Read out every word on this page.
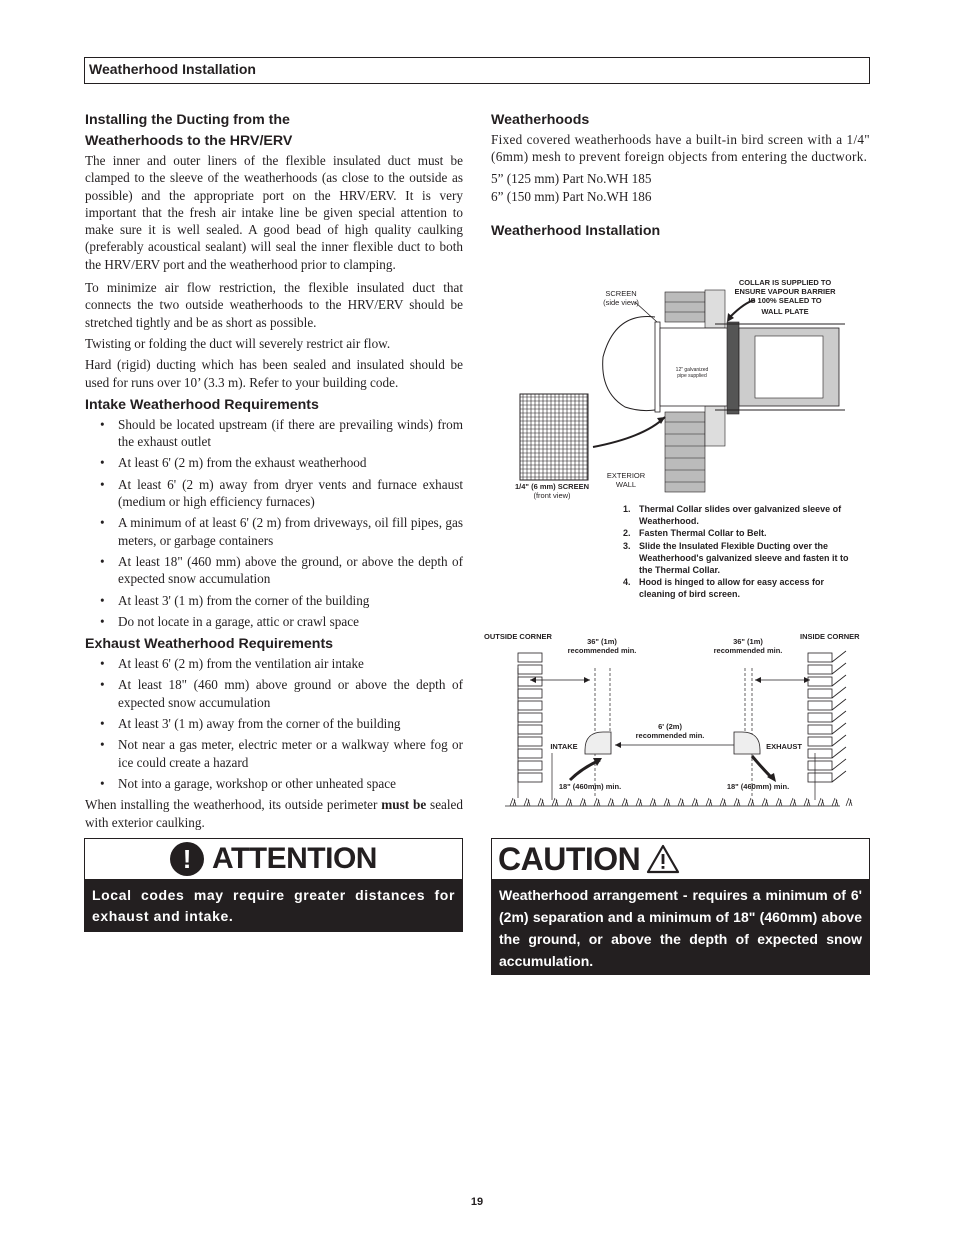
Weatherhood Installation
Installing the Ducting from the
Weatherhoods to the HRV/ERV

The inner and outer liners of the flexible insulated duct must be clamped to the sleeve of the weatherhoods (as close to the outside as possible) and the appropriate port on the HRV/ERV. It is very important that the fresh air intake line be given special attention to make sure it is well sealed. A good bead of high quality caulking (preferably acoustical sealant) will seal the inner flexible duct to both the HRV/ERV port and the weatherhood prior to clamping.

To minimize air flow restriction, the flexible insulated duct that connects the two outside weatherhoods to the HRV/ERV should be stretched tightly and be as short as possible.

Twisting or folding the duct will severely restrict air flow.

Hard (rigid) ducting which has been sealed and insulated should be used for runs over 10’ (3.3 m). Refer to your building code.

Intake Weatherhood Requirements
• Should be located upstream (if there are prevailing winds) from the exhaust outlet
• At least 6' (2 m) from the exhaust weatherhood
• At least 6' (2 m) away from dryer vents and furnace exhaust (medium or high efficiency furnaces)
• A minimum of at least 6' (2 m) from driveways, oil fill pipes, gas meters, or garbage containers
• At least 18" (460 mm) above the ground, or above the depth of expected snow accumulation
• At least 3' (1 m) from the corner of the building
• Do not locate in a garage, attic or crawl space
Exhaust Weatherhood Requirements
• At least 6' (2 m) from the ventilation air intake
• At least 18" (460 mm) above ground or above the depth of expected snow accumulation
• At least 3' (1 m) away from the corner of the building
• Not near a gas meter, electric meter or a walkway where fog or ice could create a hazard
• Not into a garage, workshop or other unheated space

When installing the weatherhood, its outside perimeter must be sealed with exterior caulking.

Weatherhoods

Fixed covered weatherhoods have a built-in bird screen with a 1/4" (6mm) mesh to prevent foreign objects from entering the ductwork.

5” (125 mm) Part No.WH 185

6” (150 mm) Part No.WH 186

Weatherhood Installation
SCREEN
(side view)
COLLAR IS SUPPLIED TO
ENSURE VAPOUR BARRIER
IS 100% SEALED TO
WALL PLATE
12" galvanized
pipe supplied
1/4" (6 mm) SCREEN
(front view)
EXTERIOR
WALL
1. Thermal Collar slides over galvanized sleeve of Weatherhood.
2. Fasten Thermal Collar to Belt.
3. Slide the Insulated Flexible Ducting over the Weatherhood's galvanized sleeve and fasten it to the Thermal Collar.
4. Hood is hinged to allow for easy access for cleaning of bird screen.
OUTSIDE CORNER	INSIDE CORNER
36" (1m)
recommended min.
36" (1m)
recommended min.
6' (2m)
recommended min.
INTAKE	EXHAUST
18" (460mm) min.	18" (460mm) min.
! ATTENTION
Local codes may require greater distances for exhaust and intake.
CAUTION
Weatherhood arrangement - requires a minimum of 6' (2m) separation and a minimum of 18" (460mm) above the ground, or above the depth of expected snow accumulation.
19
